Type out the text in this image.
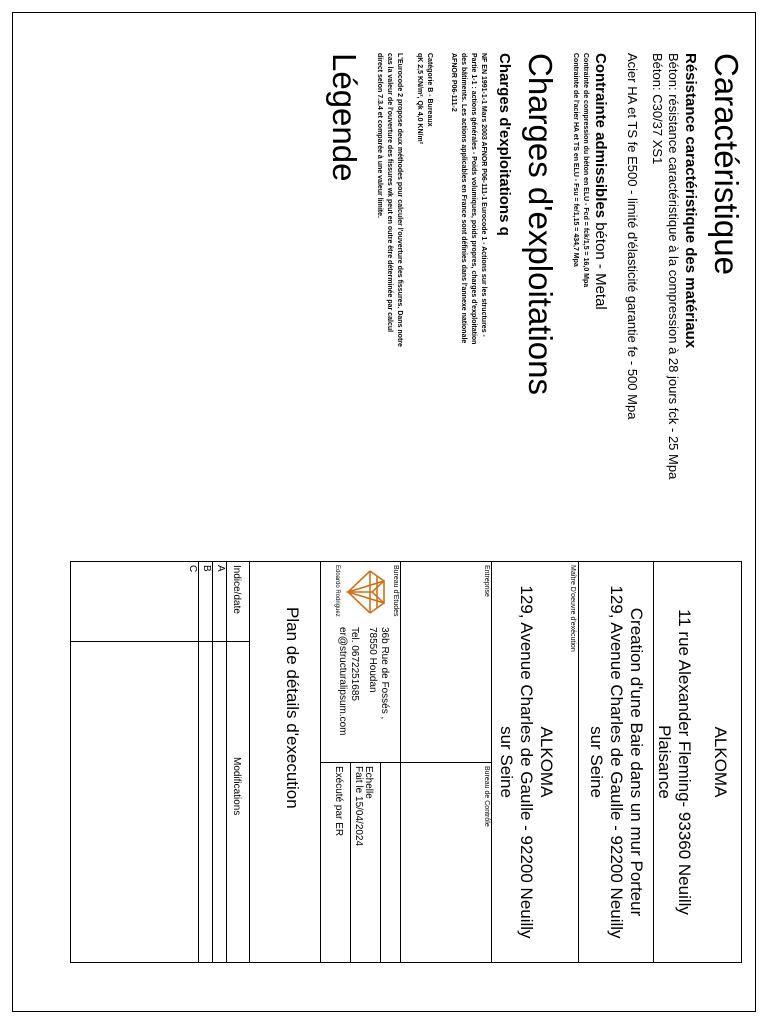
Caractéristique
Résistance caractéristique des matériaux
Béton: résistance caractéristique à la compression à 28 jours fck - 25 Mpa
Béton: C30/37 XS1
Acier HA et TS fe E500 - limité d'élasticité garantie fe - 500 Mpa
Contrainte admissibles béton - Metal
Contrainte de compression du béton en ELU - Fcd = fck/1,5 = 16,0 Mpa
Contrainte de l'acier HA et TS en ELU - Fsu = fe/1,15 = 434,7 Mpa
Charges d'exploitations
Charges d'exploitations q
NF EN 1991-1-1 Mars 2003 AFNOR P06-111-1 Eurocode 1 - Actions sur les structures -
Partie 1-1 : actions générales - Poids volumiques, poids propres, charges d'exploitation
des bâtiments. Les actions applicables en France sont définies dans l'annexe nationale
AFNOR P06-111-2
Catégorie B - Bureaux
qK 2,5 KN/m², Qk 4,0 KN/m²
L'Eurocode 2 propose deux méthodes pour calculer l'ouverture des fissures. Dans notre
cas la valeur de l'ouverture des fissures wk peut en outre être déterminée par calcul
direct selon 7.3.4 et comparée à une valeur limite.
Légende
ALKOMA
11 rue Alexander Fleming- 93360 Neuilly
Plaisance
Creation d'une Baie dans un mur Porteur
129, Avenue Charles de Gaulle - 92200 Neuilly
sur Seine
Maître D'oeuvre d'exécution
ALKOMA
129, Avenue Charles de Gaulle - 92200 Neuilly
sur Seine
Entreprise
Bureau de Contrôle
Bureau d'Etudes
Edoardo Rodriguez
36b Rue de Fossés ,
78550 Houdan
Tel. 0672251685
er@structuralipsum.com
Echelle
Fait le 15/04/2024
Exécuté par ER
Plan de détails d'execution
Indice/date
Modifications
A
B
C
